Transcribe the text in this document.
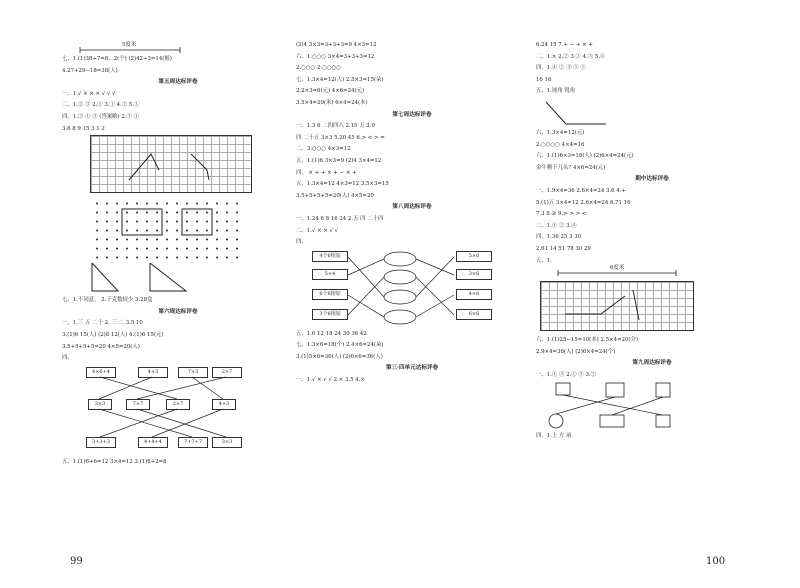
5度米
七、1.(1)38÷7=8…2(个) (2)42÷3=14(根)
4.27+29−18=38(人)
第五周达标评卷
一、1.√ × × × √ √ √
二、1.② ③ 2.① 3.① 4.② 5.①
四、1.② ① ③ (答案略) 2.③ ①
3.6 8 9 15 3 1 2
七、1.不同意。 2.千克数较少 3.28盒
第六周达标评卷
一、1.三 五 二十 2. 三 二 3.5 10
3.(1)6 15(人) (2)8 12(人) 4.(1)6 15(元)
3.5+5+5+5=20 4×5=20(人)
四、
4×6+4	4×3	7×3	2×7
3×3	7×7	2×7	4×3
3+3+3	4+4+4	7+7+7	3×3
五、1.(1)6+6=12 3×4=12 2.(1)6+2=8
(2)4 3×3=3+3+3=9 4×3=12
六、1.○○○ 3×4=3+3+3=12
2.○○○ 2.○○○○
七、1.3×4=12(人) 2.5×3=15(朵)
2.2×3=6(元) 4×6=24(元)
3.5×4=20(米) 6×4=24(本)
第七周达标评卷
一、1.3 6 二四四八 2.15 五 3.9
四 二十五 3×3 5.20 45 6.> < > =
二、3.○○○ 4×3=12
五、1.(1)6 3×3=9 (2)4 3×4=12
四、 × + + × + − × +
五、1.3×4=12 4×3=12 3.5×3=15
3.5+5+5+5=20(人) 4×5=20
第八周达标评卷
一、1.24 6 8 16 24 2.五 四 二十四
二、1.√ × × √ √
四、
4个6相加
5×4
6个6相加
3个6相加
5×6
3×6
4×6
6×6
五、1.6 12 18 24 30 36 42
七、1.3×6=18(个) 2.4×6=24(朵)
3.(1)5×6=30(人) (2)6×6=36(人)
第三·四单元达标评卷
一、1.√ × √ √ 2.× 3.5 4.×
6.24 15 7.+ − + × +
二、1.× 2.② 3.① 4.③ 5.④
四、1.④ ② ③ ⑤ ①
16 16
五、1.钝角 锐角
六、1.3×4=12(元)
2.○○○○ 4×4=16
六、1.(1)6×3=18(人) (2)6×4=24(元)
金牛剩下几头? 4×6=24(元)
期中达标评卷
一、1.9×4=36 2.6×4=24 3.6 4.+
5.(1)五 3×4=12 2.6×4=24 6.71 16
7.3 8.② 9.> > > <
二、1.① ② 3.④
四、1.36 25 3 30
2.61 14 51 78 30 29
五、1.
6度米
六、1.(1)25−15=10(本) 2.5×4=20(分)
2.9×4=36(人) (2)6×4=24(个)
第九周达标评卷
一、1.① ③ 2.① ③ 3.②
四、1.上 左 前
99	100
